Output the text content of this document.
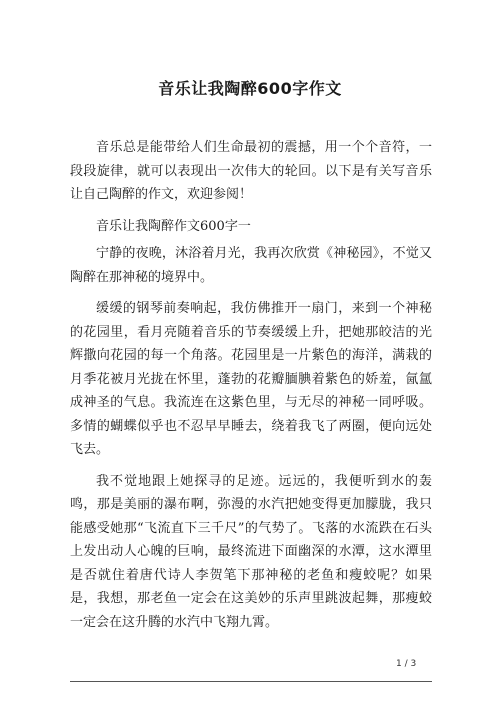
音乐让我陶醉600字作文

音乐总是能带给人们生命最初的震撼，用一个个音符，一段段旋律，就可以表现出一次伟大的轮回。以下是有关写音乐让自己陶醉的作文，欢迎参阅！

音乐让我陶醉作文600字一

宁静的夜晚，沐浴着月光，我再次欣赏《神秘园》，不觉又陶醉在那神秘的境界中。

缓缓的钢琴前奏响起，我仿佛推开一扇门，来到一个神秘的花园里，看月亮随着音乐的节奏缓缓上升，把她那皎洁的光辉撒向花园的每一个角落。花园里是一片紫色的海洋，满栽的月季花被月光拢在怀里，蓬勃的花瓣腼腆着紫色的娇羞，氤氲成神圣的气息。我流连在这紫色里，与无尽的神秘一同呼吸。多情的蝴蝶似乎也不忍早早睡去，绕着我飞了两圈，便向远处飞去。

我不觉地跟上她探寻的足迹。远远的，我便听到水的轰鸣，那是美丽的瀑布啊，弥漫的水汽把她变得更加朦胧，我只能感受她那“飞流直下三千尺”的气势了。飞落的水流跌在石头上发出动人心魄的巨响，最终流进下面幽深的水潭，这水潭里是否就住着唐代诗人李贺笔下那神秘的老鱼和瘦蛟呢？如果是，我想，那老鱼一定会在这美妙的乐声里跳波起舞，那瘦蛟一定会在这升腾的水汽中飞翔九霄。

1 / 3
